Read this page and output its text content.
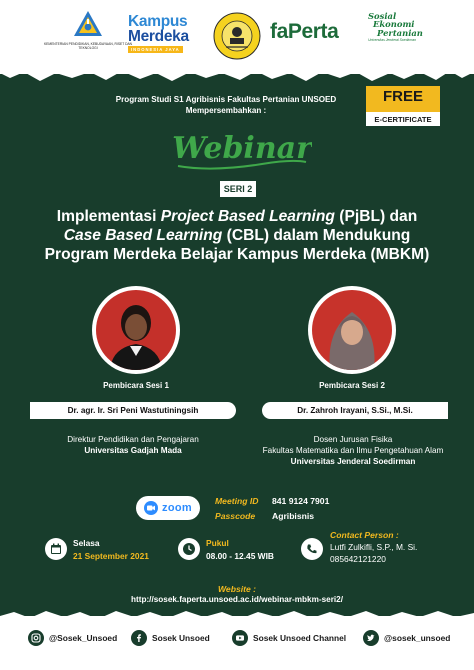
KEMENTERIAN PENDIDIKAN, KEBUDAYAAN, RISET DAN TEKNOLOGI
Kampus
Merdeka
INDONESIA JAYA
faPerta
Sosial
Ekonomi
Pertanian
Universitas Jenderal Soedirman
Program Studi S1 Agribisnis Fakultas Pertanian UNSOED
Mempersembahkan :
FREE
E-CERTIFICATE
Webinar
SERI 2
Implementasi Project Based Learning (PjBL) dan
Case Based Learning (CBL) dalam Mendukung
Program Merdeka Belajar Kampus Merdeka (MBKM)
Pembicara Sesi 1
Dr. agr. Ir. Sri Peni Wastutiningsih
Direktur Pendidikan dan Pengajaran
Universitas Gadjah Mada
Pembicara Sesi 2
Dr. Zahroh Irayani, S.Si., M.Si.
Dosen Jurusan Fisika
Fakultas Matematika dan Ilmu Pengetahuan Alam
Universitas Jenderal Soedirman
zoom
Meeting ID 841 9124 7901
Passcode Agribisnis
Selasa
21 September 2021
Pukul
08.00 - 12.45 WIB
Contact Person :
Lutfi Zulkifli, S.P., M. Si.
085642121220
Website :
http://sosek.faperta.unsoed.ac.id/webinar-mbkm-seri2/
@Sosek_Unsoed	Sosek Unsoed	Sosek Unsoed Channel	@sosek_unsoed
